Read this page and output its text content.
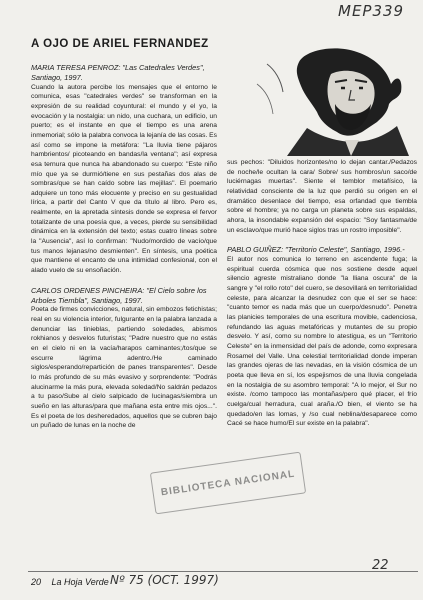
MEP339
A OJO DE ARIEL FERNANDEZ

MARIA TERESA PENROZ: "Las Catedrales Verdes", Santiago, 1997.

Cuando la autora percibe los mensajes que el entorno le comunica, esas "catedrales verdes" se transforman en la expresión de su realidad coyuntural: el mundo y el yo, la evocación y la nostalgia: un nido, una cuchara, un edificio, un puerto; es el instante en que el tiempo es una arena inmemorial; sólo la palabra convoca la lejanía de las cosas. Es así como se impone la metáfora: "La lluvia tiene pájaros hambrientos/ picoteando en bandas/la ventana"; así expresa esa ternura que nunca ha abandonado su cuerpo: "Este niño mío que ya se durmió/tiene en sus pestañas dos alas de sombras/que se han caído sobre las mejillas". El poemario adquiere un tono más elocuente y preciso en su gestualidad lírica, a partir del Canto V que da título al libro. Pero es, realmente, en la apretada síntesis donde se expresa el fervor totalizante de una poesía que, a veces, pierde su sensibilidad dinámica en la extensión del texto; estas cuatro líneas sobre la "Ausencia", así lo confirman: "Nudo/mordido de vacío/que tus manos lejanas/no desmienten". En síntesis, una poética que mantiene el encanto de una intimidad confesional, con el alado vuelo de su ensoñación.

CARLOS ORDENES PINCHEIRA: "El Cielo sobre los Arboles Tiembla", Santiago, 1997.

Poeta de firmes convicciones, natural, sin embozos fetichistas; real en su violencia interior, fulgurante en la palabra lanzada a denunciar las tinieblas, partiendo soledades, abismos rokhianos y desvelos futuristas; "Padre nuestro que no estás en el cielo ni en la vacía/harapos caminantes;/tos/que se escurre lágrima adentro./He caminado siglos/esperando/repartición de panes transparentes". Desde lo más profundo de su más evasivo y sorprendente: "Podrás alucinarme la más pura, elevada soledad/No saldrán pedazos a tu paso/Sube al cielo salpicado de lucinagas/siembra un sueño en las alturas/para que mañana esta entre mis ojos...". Es el poeta de los desheredados, aquellos que se cubren bajo un puñado de lunas en la noche de

sus pechos: "Diluidos horizontes/no lo dejan cantar./Pedazos de noche/le ocultan la cara/ Sobre/ sus hombros/un saco/de luciérnagas muertas". Siente el temblor metafísico, la relatividad consciente de la luz que perdió su origen en el dramático desenlace del tiempo, esa orfandad que tiembla sobre el hombre; ya no carga un planeta sobre sus espaldas, ahora, la insondable expansión del espacio: "Soy fantasma/de un esclavo/que murió hace siglos tras un rostro imposible".

PABLO GUIÑEZ: "Territorio Celeste", Santiago, 1996.-

El autor nos comunica lo terreno en ascendente fuga; la espiritual cuerda cósmica que nos sostiene desde aquel silencio agreste mistraliano donde "la lliana oscura" de la sangre y "el rollo roto" del cuero, se desovillará en territorialidad celeste, para alcanzar la desnudez con que el ser se hace: "cuanto temor es nada más que un cuerpo/desnudo". Penetra las planicies temporales de una escritura movible, cadenciosa, refundando las aguas metafóricas y mutantes de su propio desvelo. Y así, como su nombre lo atestigua, es un "Territorio Celeste" en la inmensidad del país de adonde, como expresara Rosamel del Valle. Una celestial territorialidad donde imperan las grandes ojeras de las nevadas, en la visión cósmica de un poeta que lleva en sí, los espejismos de una lluvia congelada en la nostalgia de su asombro temporal: "A lo mejor, el Sur no existe. /como tampoco las montañas/pero qué placer, el frío cuelga/cual herradura, cual araña./O bien, el viento se ha quedado/en las lomas, y /so cual neblina/desaparece como Cacé se hace humo/El sur existe en la palabra".

BIBLIOTECA NACIONAL
20 La Hoja Verde Nº 75 (OCT. 1997)
22
